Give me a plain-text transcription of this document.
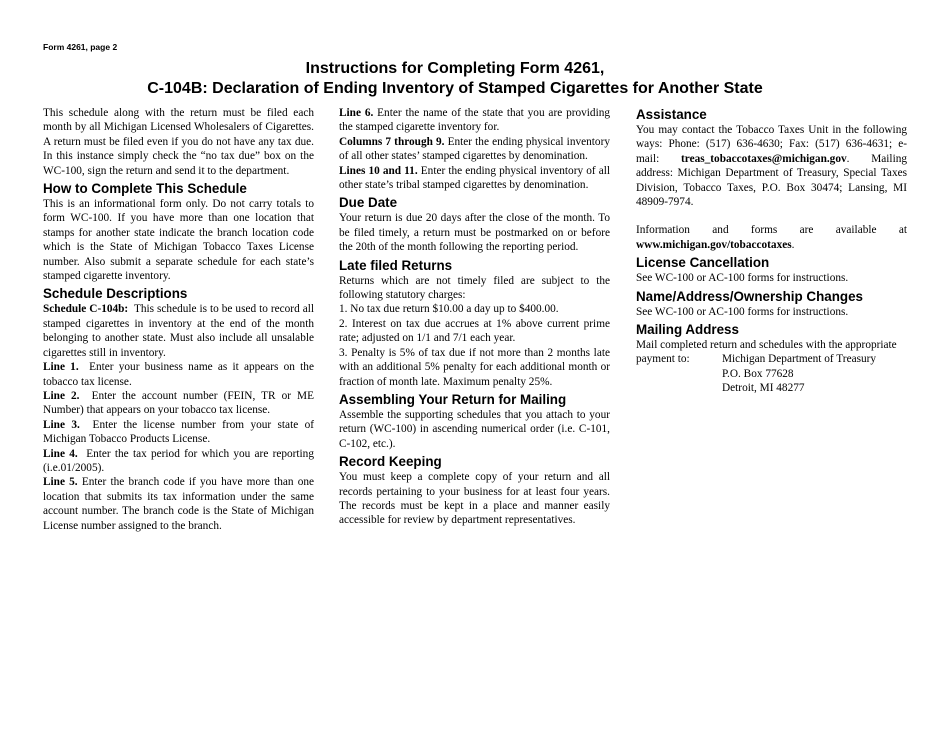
Form 4261, page 2
Instructions for Completing Form 4261,
C-104B: Declaration of Ending Inventory of Stamped Cigarettes for Another State

This schedule along with the return must be filed each month by all Michigan Licensed Wholesalers of Cigarettes. A return must be filed even if you do not have any tax due. In this instance simply check the “no tax due” box on the WC-100, sign the return and send it to the department.

How to Complete This Schedule

This is an informational form only. Do not carry totals to form WC-100. If you have more than one location that stamps for another state indicate the branch location code which is the State of Michigan Tobacco Taxes License number. Also submit a separate schedule for each state’s stamped cigarette inventory.

Schedule Descriptions

Schedule C-104b: This schedule is to be used to record all stamped cigarettes in inventory at the end of the month belonging to another state. Must also include all unsalable cigarettes still in inventory.

Line 1. Enter your business name as it appears on the tobacco tax license.

Line 2. Enter the account number (FEIN, TR or ME Number) that appears on your tobacco tax license.

Line 3. Enter the license number from your state of Michigan Tobacco Products License.

Line 4. Enter the tax period for which you are reporting (i.e.01/2005).

Line 5. Enter the branch code if you have more than one location that submits its tax information under the same account number. The branch code is the State of Michigan License number assigned to the branch.

Line 6. Enter the name of the state that you are providing the stamped cigarette inventory for.

Columns 7 through 9. Enter the ending physical inventory of all other states’ stamped cigarettes by denomination.

Lines 10 and 11. Enter the ending physical inventory of all other state’s tribal stamped cigarettes by denomination.

Due Date

Your return is due 20 days after the close of the month. To be filed timely, a return must be postmarked on or before the 20th of the month following the reporting period.

Late filed Returns

Returns which are not timely filed are subject to the following statutory charges:

1. No tax due return $10.00 a day up to $400.00.

2. Interest on tax due accrues at 1% above current prime rate; adjusted on 1/1 and 7/1 each year.

3. Penalty is 5% of tax due if not more than 2 months late with an additional 5% penalty for each additional month or fraction of month late. Maximum penalty 25%.

Assembling Your Return for Mailing

Assemble the supporting schedules that you attach to your return (WC-100) in ascending numerical order (i.e. C-101, C-102, etc.).

Record Keeping

You must keep a complete copy of your return and all records pertaining to your business for at least four years. The records must be kept in a place and manner easily accessible for review by department representatives.

Assistance

You may contact the Tobacco Taxes Unit in the following ways: Phone: (517) 636-4630; Fax: (517) 636-4631; e-mail: treas_tobaccotaxes@michigan.gov. Mailing address: Michigan Department of Treasury, Special Taxes Division, Tobacco Taxes, P.O. Box 30474; Lansing, MI 48909-7974.

Information and forms are available at www.michigan.gov/tobaccotaxes.

License Cancellation

See WC-100 or AC-100 forms for instructions.

Name/Address/Ownership Changes

See WC-100 or AC-100 forms for instructions.

Mailing Address

Mail completed return and schedules with the appropriate

payment to:	Michigan Department of Treasury
P.O. Box 77628
Detroit, MI 48277
